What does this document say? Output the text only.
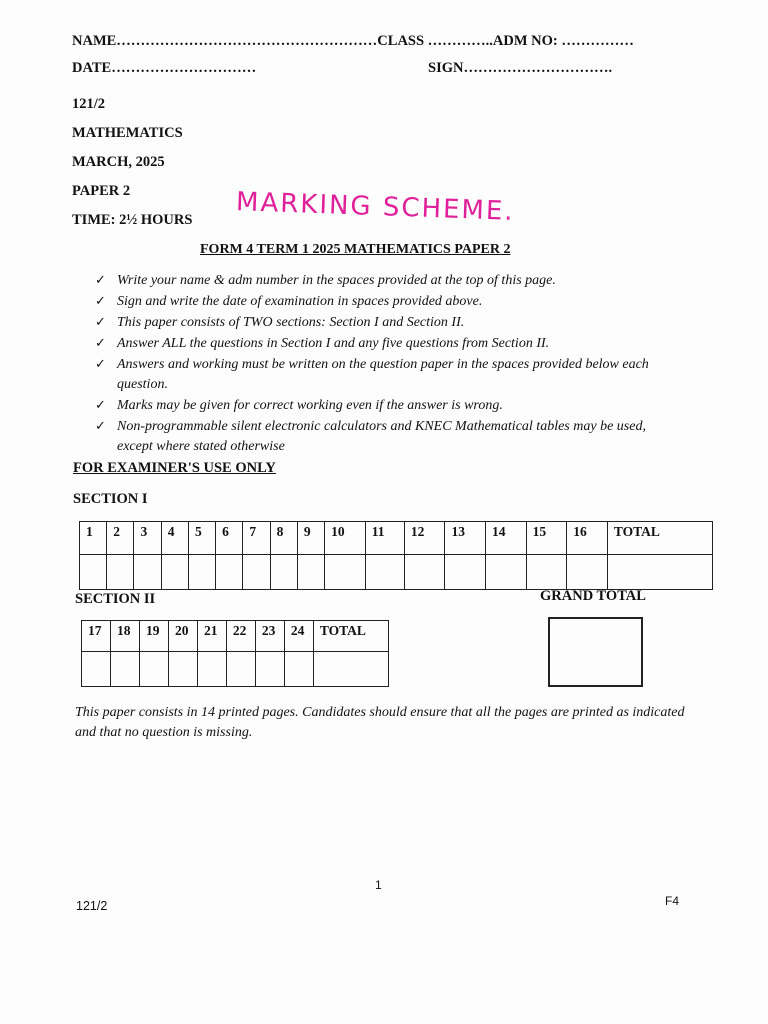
NAME………………………………………………CLASS …………..ADM NO: ……………
DATE…………………………	SIGN………………………….
121/2
MATHEMATICS
MARCH, 2025
PAPER 2
TIME: 2½ HOURS MARKING SCHEME.
FORM 4 TERM 1 2025 MATHEMATICS PAPER 2
✓ Write your name & adm number in the spaces provided at the top of this page.
✓ Sign and write the date of examination in spaces provided above.
✓ This paper consists of TWO sections: Section I and Section II.
✓ Answer ALL the questions in Section I and any five questions from Section II.
✓ Answers and working must be written on the question paper in the spaces provided below each question.
✓ Marks may be given for correct working even if the answer is wrong.
✓ Non-programmable silent electronic calculators and KNEC Mathematical tables may be used, except where stated otherwise
FOR EXAMINER'S USE ONLY
SECTION I
1	2	3	4	5	6	7	8	9	10	11	12	13	14	15	16	TOTAL

SECTION II	GRAND TOTAL
17	18	19	20	21	22	23	24	TOTAL

This paper consists in 14 printed pages. Candidates should ensure that all the pages are printed as indicated and that no question is missing.
1
121/2	F4
